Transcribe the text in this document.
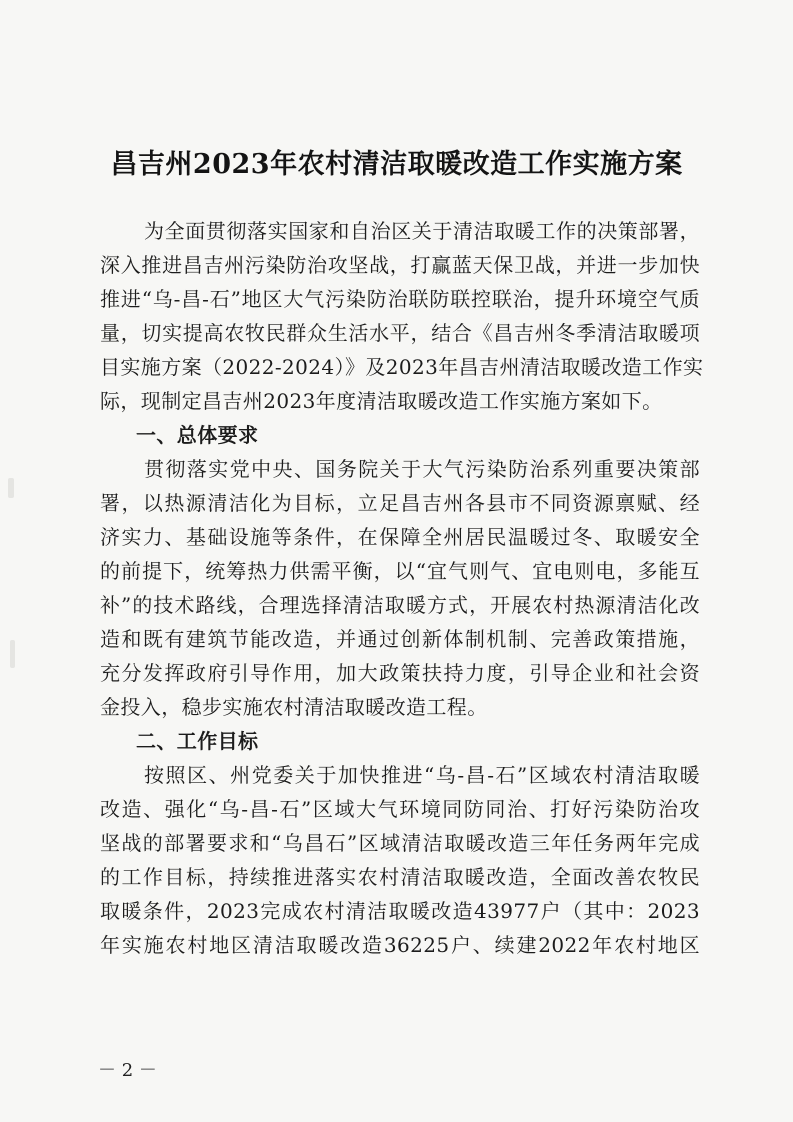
昌吉州2023年农村清洁取暖改造工作实施方案
为全面贯彻落实国家和自治区关于清洁取暖工作的决策部署，
深入推进昌吉州污染防治攻坚战，打赢蓝天保卫战，并进一步加快
推进“乌-昌-石”地区大气污染防治联防联控联治，提升环境空气质
量，切实提高农牧民群众生活水平，结合《昌吉州冬季清洁取暖项
目实施方案（2022-2024）》及2023年昌吉州清洁取暖改造工作实
际，现制定昌吉州2023年度清洁取暖改造工作实施方案如下。
一、总体要求
贯彻落实党中央、国务院关于大气污染防治系列重要决策部
署，以热源清洁化为目标，立足昌吉州各县市不同资源禀赋、经
济实力、基础设施等条件，在保障全州居民温暖过冬、取暖安全
的前提下，统筹热力供需平衡，以“宜气则气、宜电则电，多能互
补”的技术路线，合理选择清洁取暖方式，开展农村热源清洁化改
造和既有建筑节能改造，并通过创新体制机制、完善政策措施，
充分发挥政府引导作用，加大政策扶持力度，引导企业和社会资
金投入，稳步实施农村清洁取暖改造工程。
二、工作目标
按照区、州党委关于加快推进“乌-昌-石”区域农村清洁取暖
改造、强化“乌-昌-石”区域大气环境同防同治、打好污染防治攻
坚战的部署要求和“乌昌石”区域清洁取暖改造三年任务两年完成
的工作目标，持续推进落实农村清洁取暖改造，全面改善农牧民
取暖条件，2023完成农村清洁取暖改造43977户（其中：2023
年实施农村地区清洁取暖改造36225户、续建2022年农村地区
－ 2 －
